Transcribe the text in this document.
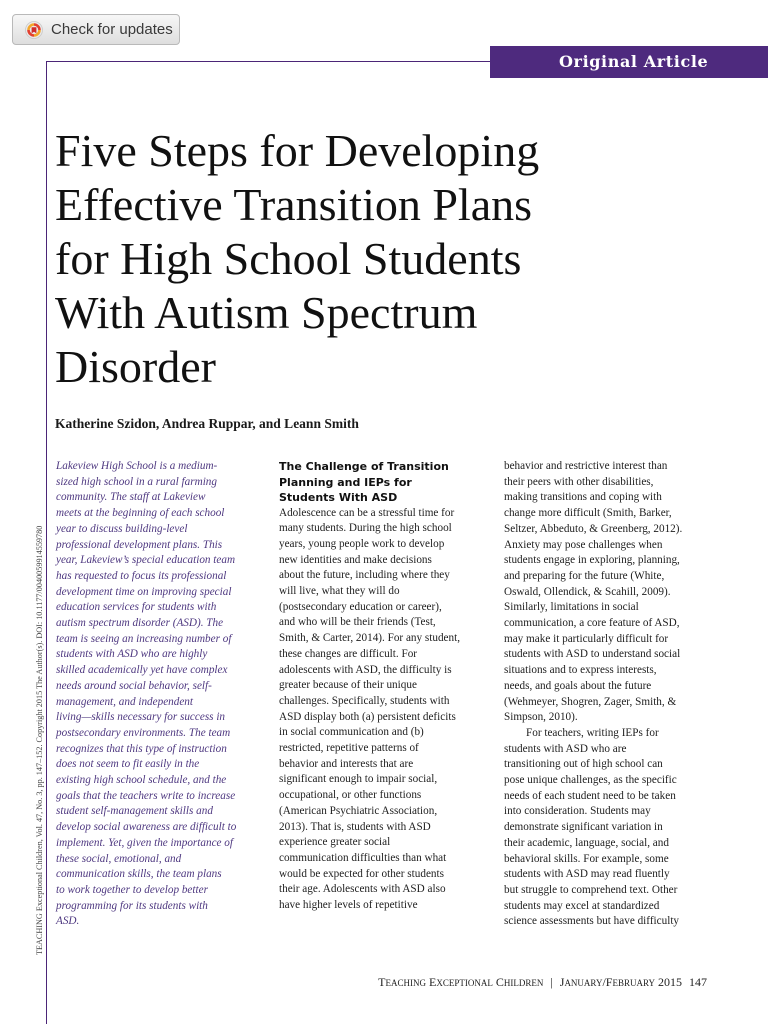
Check for updates
Original Article
Five Steps for Developing
Effective Transition Plans
for High School Students
With Autism Spectrum
Disorder
Katherine Szidon, Andrea Ruppar, and Leann Smith
TEACHING Exceptional Children, Vol. 47, No. 3, pp. 147–152. Copyright 2015 The Author(s). DOI: 10.1177/0040059914559780

Lakeview High School is a medium-
sized high school in a rural farming
community. The staff at Lakeview
meets at the beginning of each school
year to discuss building-level
professional development plans. This
year, Lakeview’s special education team
has requested to focus its professional
development time on improving special
education services for students with
autism spectrum disorder (ASD). The
team is seeing an increasing number of
students with ASD who are highly
skilled academically yet have complex
needs around social behavior, self-
management, and independent
living—skills necessary for success in
postsecondary environments. The team
recognizes that this type of instruction
does not seem to fit easily in the
existing high school schedule, and the
goals that the teachers write to increase
student self-management skills and
develop social awareness are difficult to
implement. Yet, given the importance of
these social, emotional, and
communication skills, the team plans
to work together to develop better
programming for its students with
ASD.

The Challenge of Transition
Planning and IEPs for
Students With ASD

Adolescence can be a stressful time for
many students. During the high school
years, young people work to develop
new identities and make decisions
about the future, including where they
will live, what they will do
(postsecondary education or career),
and who will be their friends (Test,
Smith, & Carter, 2014). For any student,
these changes are difficult. For
adolescents with ASD, the difficulty is
greater because of their unique
challenges. Specifically, students with
ASD display both (a) persistent deficits
in social communication and (b)
restricted, repetitive patterns of
behavior and interests that are
significant enough to impair social,
occupational, or other functions
(American Psychiatric Association,
2013). That is, students with ASD
experience greater social
communication difficulties than what
would be expected for other students
their age. Adolescents with ASD also
have higher levels of repetitive

behavior and restrictive interest than
their peers with other disabilities,
making transitions and coping with
change more difficult (Smith, Barker,
Seltzer, Abbeduto, & Greenberg, 2012).
Anxiety may pose challenges when
students engage in exploring, planning,
and preparing for the future (White,
Oswald, Ollendick, & Scahill, 2009).
Similarly, limitations in social
communication, a core feature of ASD,
may make it particularly difficult for
students with ASD to understand social
situations and to express interests,
needs, and goals about the future
(Wehmeyer, Shogren, Zager, Smith, &
Simpson, 2010).

For teachers, writing IEPs for
students with ASD who are
transitioning out of high school can
pose unique challenges, as the specific
needs of each student need to be taken
into consideration. Students may
demonstrate significant variation in
their academic, language, social, and
behavioral skills. For example, some
students with ASD may read fluently
but struggle to comprehend text. Other
students may excel at standardized
science assessments but have difficulty

TEACHING EXCEPTIONAL CHILDREN | JANUARY/FEBRUARY 2015 147
